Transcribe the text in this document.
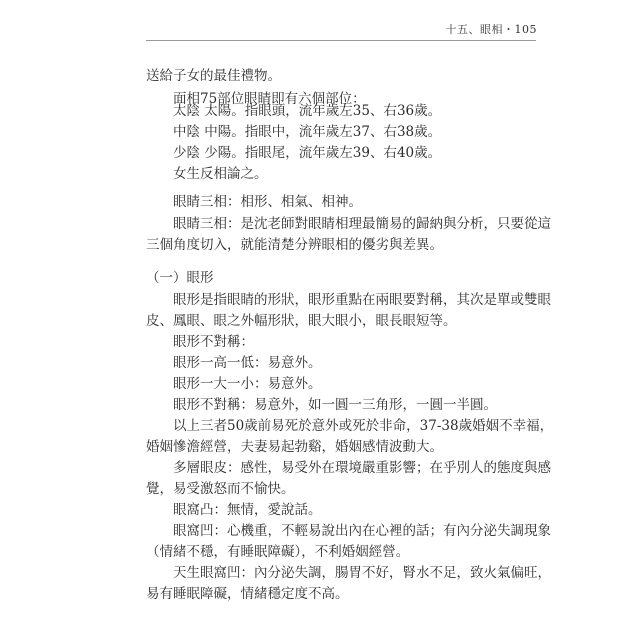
十五、眼相・105
送給子女的最佳禮物。
面相75部位眼睛即有六個部位：
太陰 太陽。指眼頭，流年歲左35、右36歲。
中陰 中陽。指眼中，流年歲左37、右38歲。
少陰 少陽。指眼尾，流年歲左39、右40歲。
女生反相論之。
眼睛三相：相形、相氣、相神。
眼睛三相：是沈老師對眼睛相理最簡易的歸納與分析，只要從這
三個角度切入，就能清楚分辨眼相的優劣與差異。
（一）眼形
眼形是指眼睛的形狀，眼形重點在兩眼要對稱，其次是單或雙眼
皮、鳳眼、眼之外幅形狀，眼大眼小，眼長眼短等。
眼形不對稱：
眼形一高一低：易意外。
眼形一大一小：易意外。
眼形不對稱：易意外，如一圓一三角形，一圓一半圓。
以上三者50歲前易死於意外或死於非命，37-38歲婚姻不幸福，
婚姻慘澹經營，夫妻易起勃谿，婚姻感情波動大。
多層眼皮：感性，易受外在環境嚴重影響；在乎別人的態度與感
覺，易受激怒而不愉快。
眼窩凸：無情，愛說話。
眼窩凹：心機重，不輕易說出內在心裡的話；有內分泌失調現象
（情緒不穩，有睡眠障礙），不利婚姻經營。
天生眼窩凹：內分泌失調，腸胃不好，腎水不足，致火氣偏旺，
易有睡眠障礙，情緒穩定度不高。
